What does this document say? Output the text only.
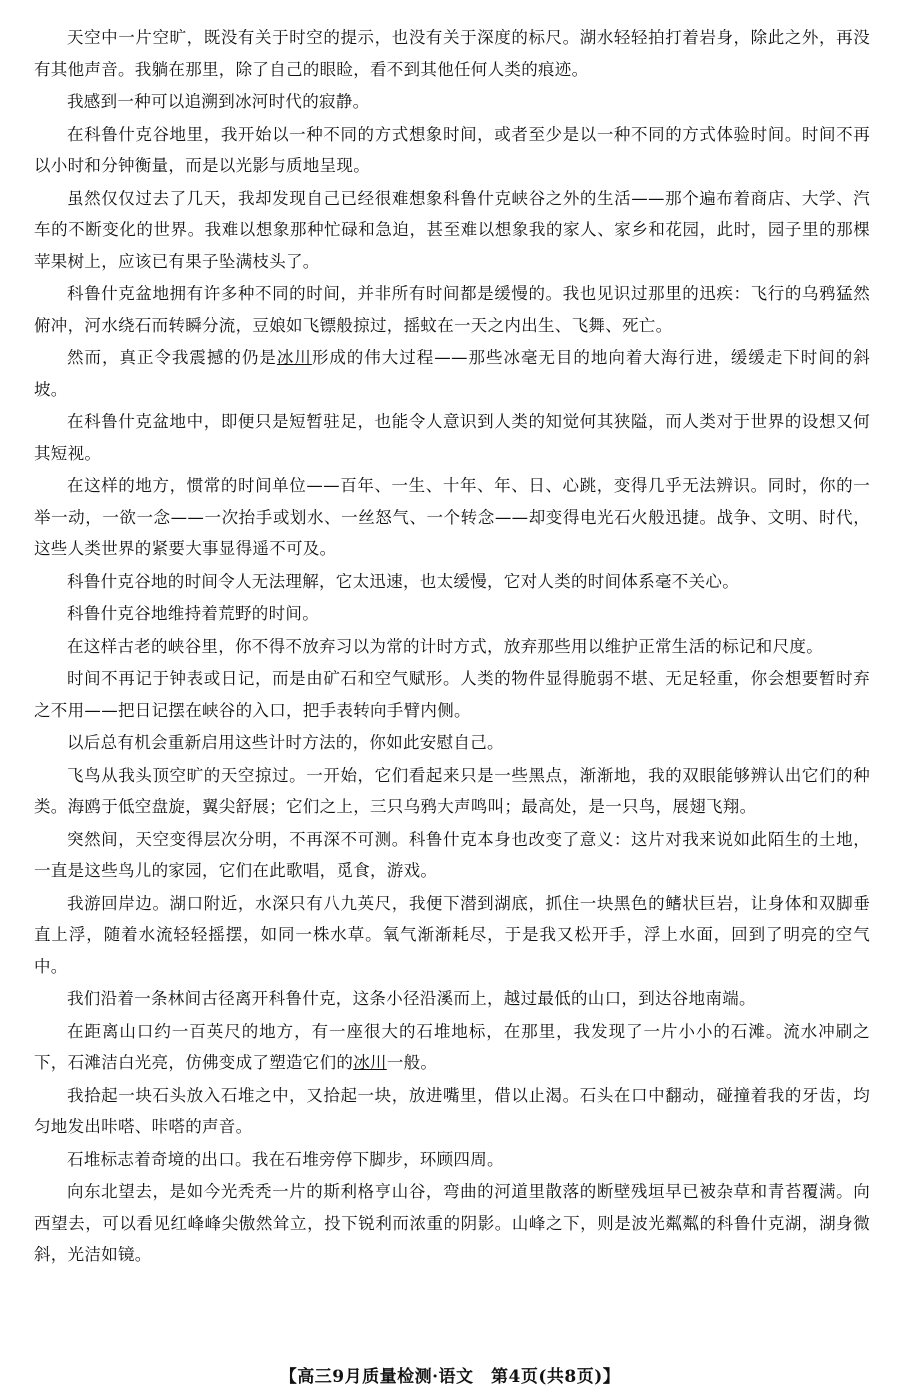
天空中一片空旷，既没有关于时空的提示，也没有关于深度的标尺。湖水轻轻拍打着岩身，除此之外，再没有其他声音。我躺在那里，除了自己的眼睑，看不到其他任何人类的痕迹。

我感到一种可以追溯到冰河时代的寂静。

在科鲁什克谷地里，我开始以一种不同的方式想象时间，或者至少是以一种不同的方式体验时间。时间不再以小时和分钟衡量，而是以光影与质地呈现。

虽然仅仅过去了几天，我却发现自己已经很难想象科鲁什克峡谷之外的生活——那个遍布着商店、大学、汽车的不断变化的世界。我难以想象那种忙碌和急迫，甚至难以想象我的家人、家乡和花园，此时，园子里的那棵苹果树上，应该已有果子坠满枝头了。

科鲁什克盆地拥有许多种不同的时间，并非所有时间都是缓慢的。我也见识过那里的迅疾：飞行的乌鸦猛然俯冲，河水绕石而转瞬分流，豆娘如飞镖般掠过，摇蚊在一天之内出生、飞舞、死亡。

然而，真正令我震撼的仍是冰川形成的伟大过程——那些冰毫无目的地向着大海行进，缓缓走下时间的斜坡。

在科鲁什克盆地中，即便只是短暂驻足，也能令人意识到人类的知觉何其狭隘，而人类对于世界的设想又何其短视。

在这样的地方，惯常的时间单位——百年、一生、十年、年、日、心跳，变得几乎无法辨识。同时，你的一举一动，一欲一念——一次抬手或划水、一丝怒气、一个转念——却变得电光石火般迅捷。战争、文明、时代，这些人类世界的紧要大事显得遥不可及。

科鲁什克谷地的时间令人无法理解，它太迅速，也太缓慢，它对人类的时间体系毫不关心。

科鲁什克谷地维持着荒野的时间。

在这样古老的峡谷里，你不得不放弃习以为常的计时方式，放弃那些用以维护正常生活的标记和尺度。

时间不再记于钟表或日记，而是由矿石和空气赋形。人类的物件显得脆弱不堪、无足轻重，你会想要暂时弃之不用——把日记摆在峡谷的入口，把手表转向手臂内侧。

以后总有机会重新启用这些计时方法的，你如此安慰自己。

飞鸟从我头顶空旷的天空掠过。一开始，它们看起来只是一些黑点，渐渐地，我的双眼能够辨认出它们的种类。海鸥于低空盘旋，翼尖舒展；它们之上，三只乌鸦大声鸣叫；最高处，是一只鸟，展翅飞翔。

突然间，天空变得层次分明，不再深不可测。科鲁什克本身也改变了意义：这片对我来说如此陌生的土地，一直是这些鸟儿的家园，它们在此歌唱，觅食，游戏。

我游回岸边。湖口附近，水深只有八九英尺，我便下潜到湖底，抓住一块黑色的鳍状巨岩，让身体和双脚垂直上浮，随着水流轻轻摇摆，如同一株水草。氧气渐渐耗尽，于是我又松开手，浮上水面，回到了明亮的空气中。

我们沿着一条林间古径离开科鲁什克，这条小径沿溪而上，越过最低的山口，到达谷地南端。

在距离山口约一百英尺的地方，有一座很大的石堆地标，在那里，我发现了一片小小的石滩。流水冲刷之下，石滩洁白光亮，仿佛变成了塑造它们的冰川一般。

我拾起一块石头放入石堆之中，又拾起一块，放进嘴里，借以止渴。石头在口中翻动，碰撞着我的牙齿，均匀地发出咔嗒、咔嗒的声音。

石堆标志着奇境的出口。我在石堆旁停下脚步，环顾四周。

向东北望去，是如今光秃秃一片的斯利格亨山谷，弯曲的河道里散落的断壁残垣早已被杂草和青苔覆满。向西望去，可以看见红峰峰尖傲然耸立，投下锐利而浓重的阴影。山峰之下，则是波光粼粼的科鲁什克湖，湖身微斜，光洁如镜。

【高三9月质量检测·语文　第4页(共8页)】
